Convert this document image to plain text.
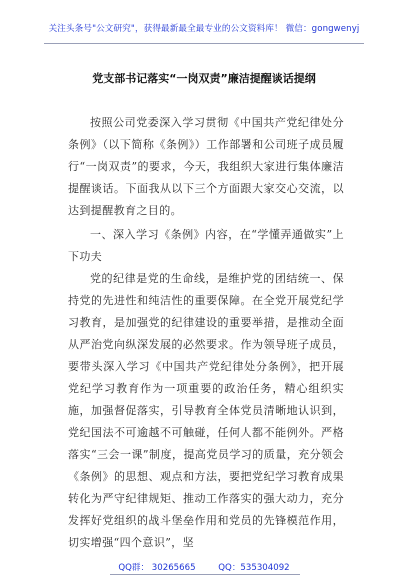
关注头条号"公文研究"，获得最新最全最专业的公文资料库！ 微信：gongwenyj
党支部书记落实“一岗双责”廉洁提醒谈话提纲

按照公司党委深入学习贯彻《中国共产党纪律处分条例》（以下简称《条例》）工作部署和公司班子成员履行“一岗双责”的要求，今天，我组织大家进行集体廉洁提醒谈话。下面我从以下三个方面跟大家交心交流，以达到提醒教育之目的。

一、深入学习《条例》内容，在“学懂弄通做实”上下功夫

党的纪律是党的生命线，是维护党的团结统一、保持党的先进性和纯洁性的重要保障。在全党开展党纪学习教育，是加强党的纪律建设的重要举措，是推动全面从严治党向纵深发展的必然要求。作为领导班子成员，要带头深入学习《中国共产党纪律处分条例》，把开展党纪学习教育作为一项重要的政治任务，精心组织实施，加强督促落实，引导教育全体党员清晰地认识到，党纪国法不可逾越不可触碰，任何人都不能例外。严格落实“三会一课”制度，提高党员学习的质量，充分领会《条例》的思想、观点和方法，要把党纪学习教育成果转化为严守纪律规矩、推动工作落实的强大动力，充分发挥好党组织的战斗堡垒作用和党员的先锋模范作用，切实增强“四个意识”，坚

QQ群： 30265665	QQ：535304092
